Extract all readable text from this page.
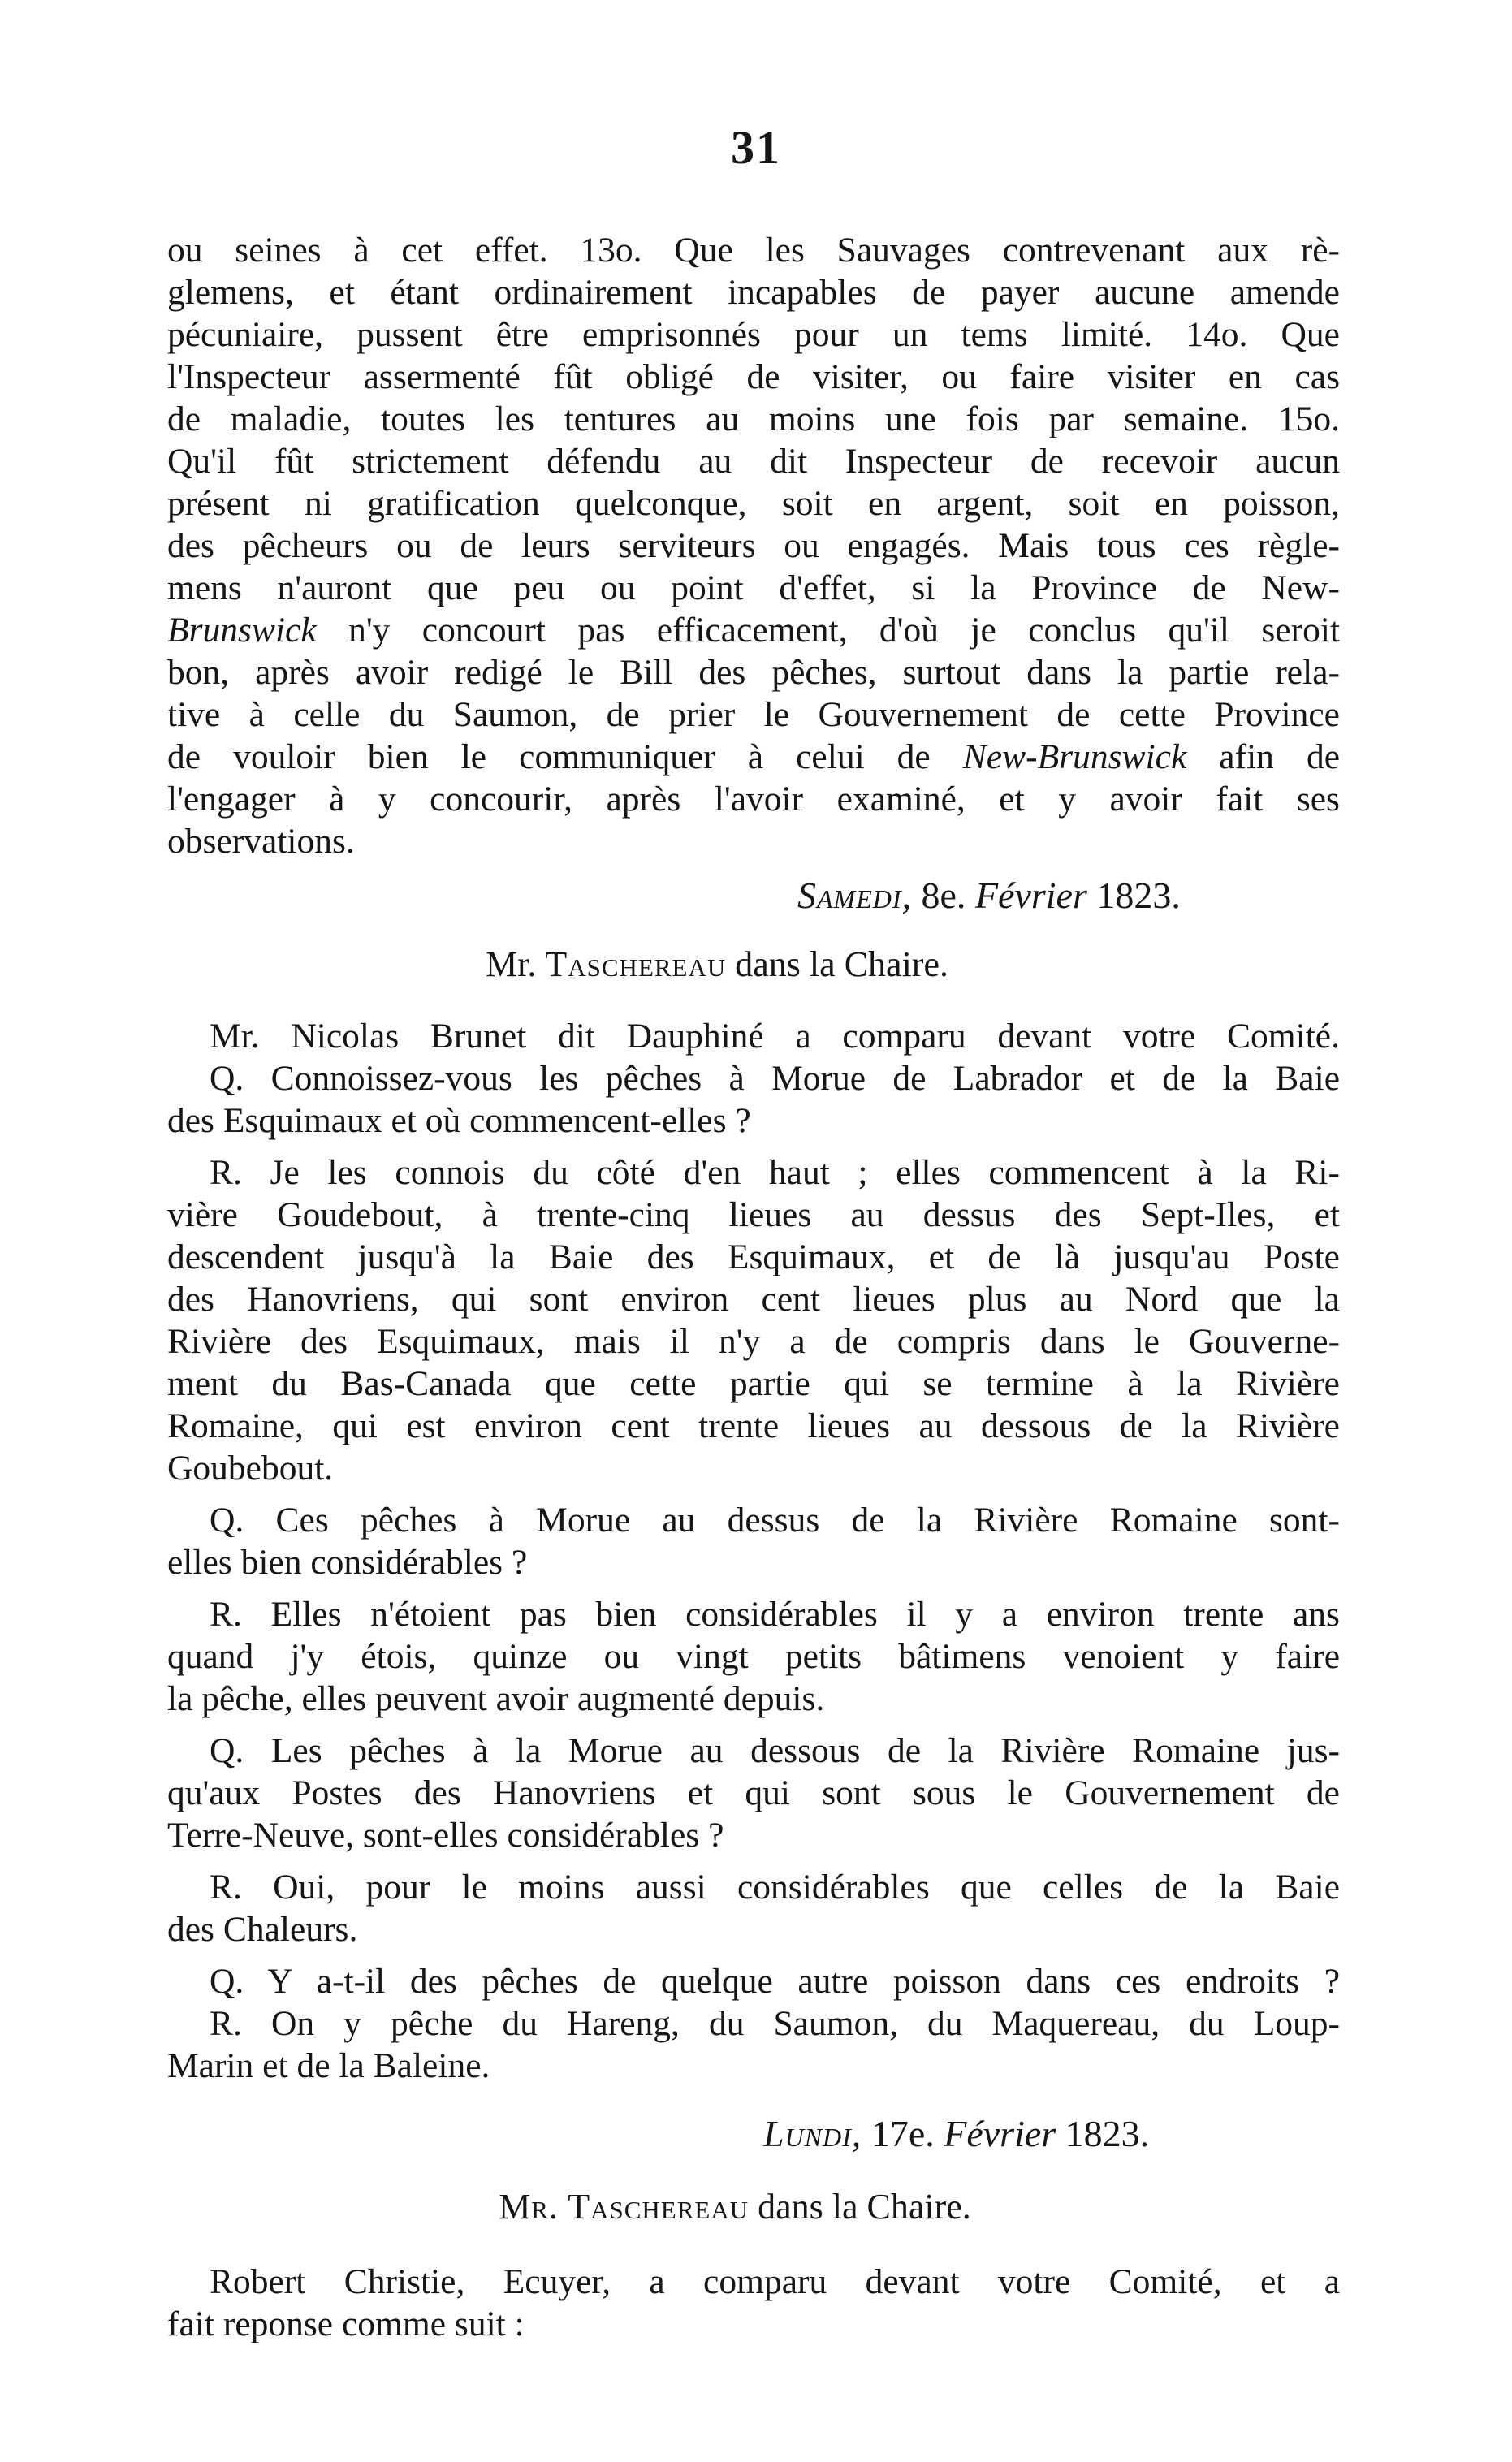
31
ou seines à cet effet. 13o. Que les Sauvages contrevenant aux rè-
glemens, et étant ordinairement incapables de payer aucune amende
pécuniaire, pussent être emprisonnés pour un tems limité. 14o. Que
l'Inspecteur assermenté fût obligé de visiter, ou faire visiter en cas
de maladie, toutes les tentures au moins une fois par semaine. 15o.
Qu'il fût strictement défendu au dit Inspecteur de recevoir aucun
présent ni gratification quelconque, soit en argent, soit en poisson,
des pêcheurs ou de leurs serviteurs ou engagés. Mais tous ces règle-
mens n'auront que peu ou point d'effet, si la Province de New-
Brunswick n'y concourt pas efficacement, d'où je conclus qu'il seroit
bon, après avoir redigé le Bill des pêches, surtout dans la partie rela-
tive à celle du Saumon, de prier le Gouvernement de cette Province
de vouloir bien le communiquer à celui de New-Brunswick afin de
l'engager à y concourir, après l'avoir examiné, et y avoir fait ses
observations.
Samedi, 8e. Février 1823.
Mr. Taschereau dans la Chaire.
Mr. Nicolas Brunet dit Dauphiné a comparu devant votre Comité.
Q. Connoissez-vous les pêches à Morue de Labrador et de la Baie
des Esquimaux et où commencent-elles ?
R. Je les connois du côté d'en haut ; elles commencent à la Ri-
vière Goudebout, à trente-cinq lieues au dessus des Sept-Iles, et
descendent jusqu'à la Baie des Esquimaux, et de là jusqu'au Poste
des Hanovriens, qui sont environ cent lieues plus au Nord que la
Rivière des Esquimaux, mais il n'y a de compris dans le Gouverne-
ment du Bas-Canada que cette partie qui se termine à la Rivière
Romaine, qui est environ cent trente lieues au dessous de la Rivière
Goubebout.
Q. Ces pêches à Morue au dessus de la Rivière Romaine sont-
elles bien considérables ?
R. Elles n'étoient pas bien considérables il y a environ trente ans
quand j'y étois, quinze ou vingt petits bâtimens venoient y faire
la pêche, elles peuvent avoir augmenté depuis.
Q. Les pêches à la Morue au dessous de la Rivière Romaine jus-
qu'aux Postes des Hanovriens et qui sont sous le Gouvernement de
Terre-Neuve, sont-elles considérables ?
R. Oui, pour le moins aussi considérables que celles de la Baie
des Chaleurs.
Q. Y a-t-il des pêches de quelque autre poisson dans ces endroits ?
R. On y pêche du Hareng, du Saumon, du Maquereau, du Loup-
Marin et de la Baleine.
Lundi, 17e. Février 1823.
Mr. Taschereau dans la Chaire.
Robert Christie, Ecuyer, a comparu devant votre Comité, et a
fait reponse comme suit :
